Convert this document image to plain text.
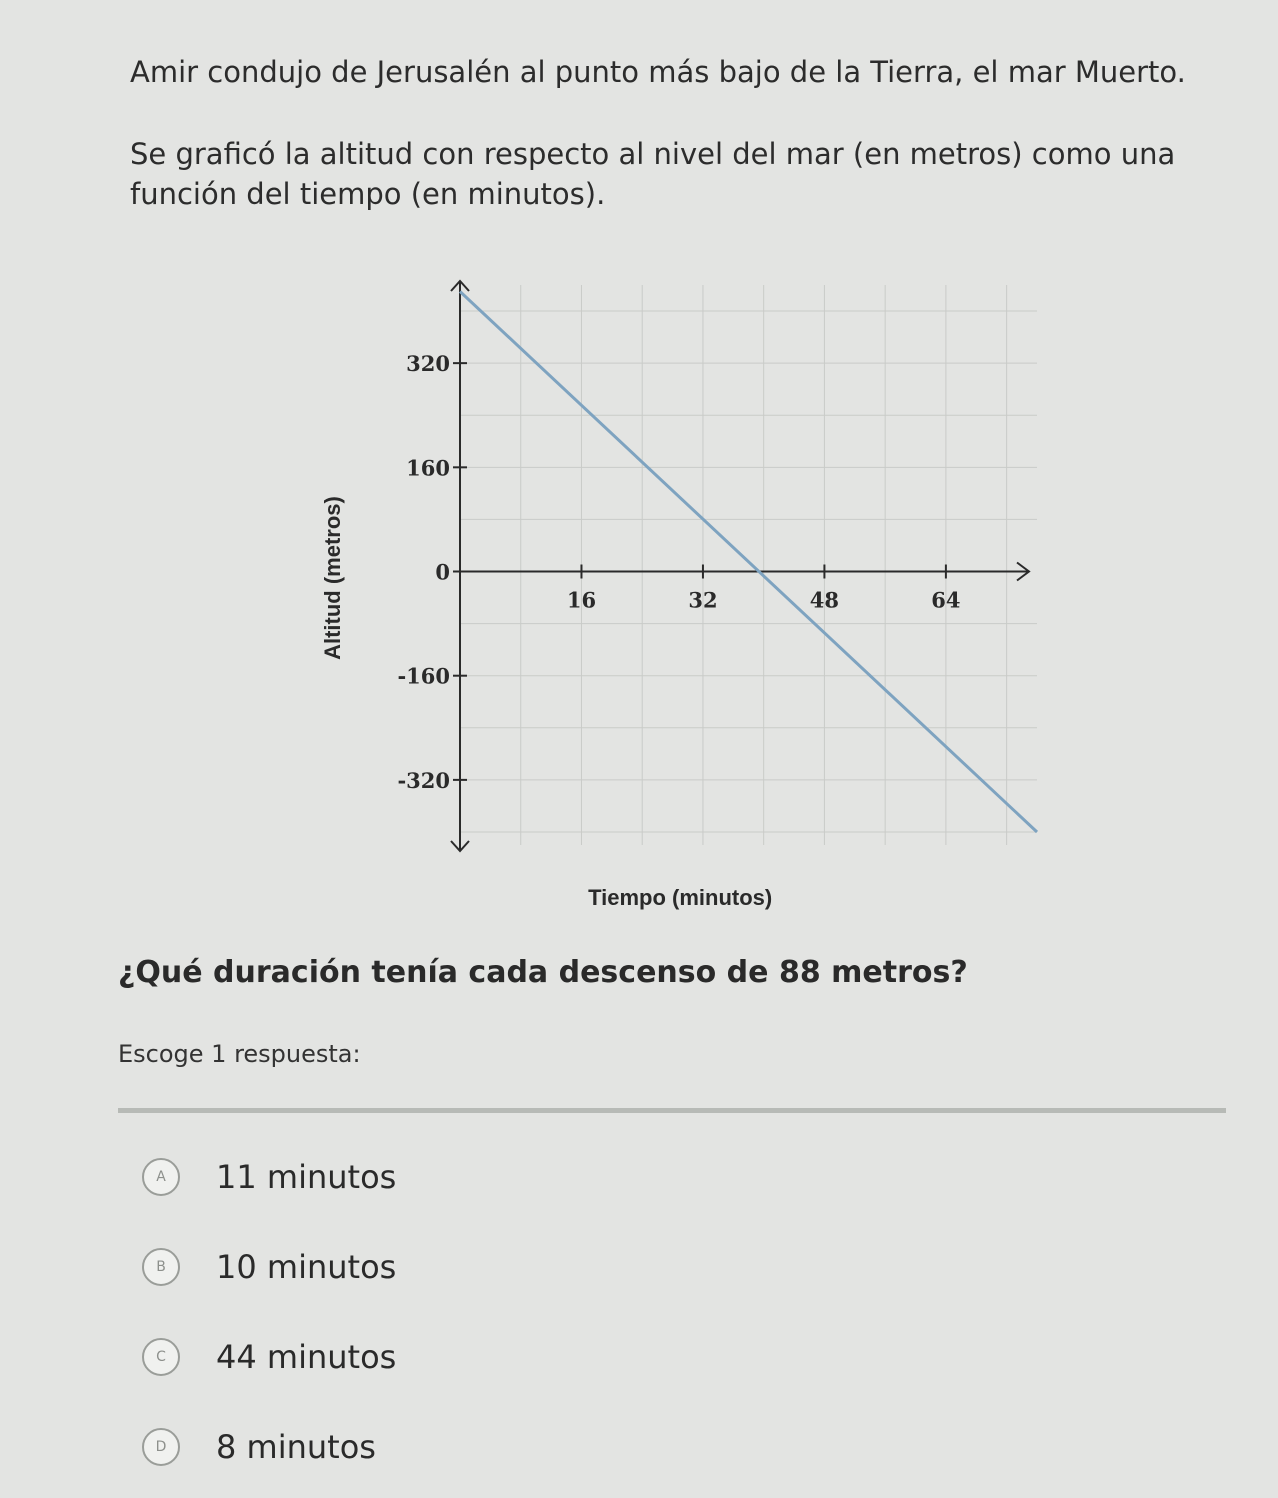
Amir condujo de Jerusalén al punto más bajo de la Tierra, el mar Muerto.

Se graficó la altitud con respecto al nivel del mar (en metros) como una función del tiempo (en minutos).

16	32	48	64
320
160
0
-160
-320
Tiempo (minutos)
Altitud (metros)

¿Qué duración tenía cada descenso de 88 metros?

Escoge 1 respuesta:

A	11 minutos
B	10 minutos
C	44 minutos
D	8 minutos
